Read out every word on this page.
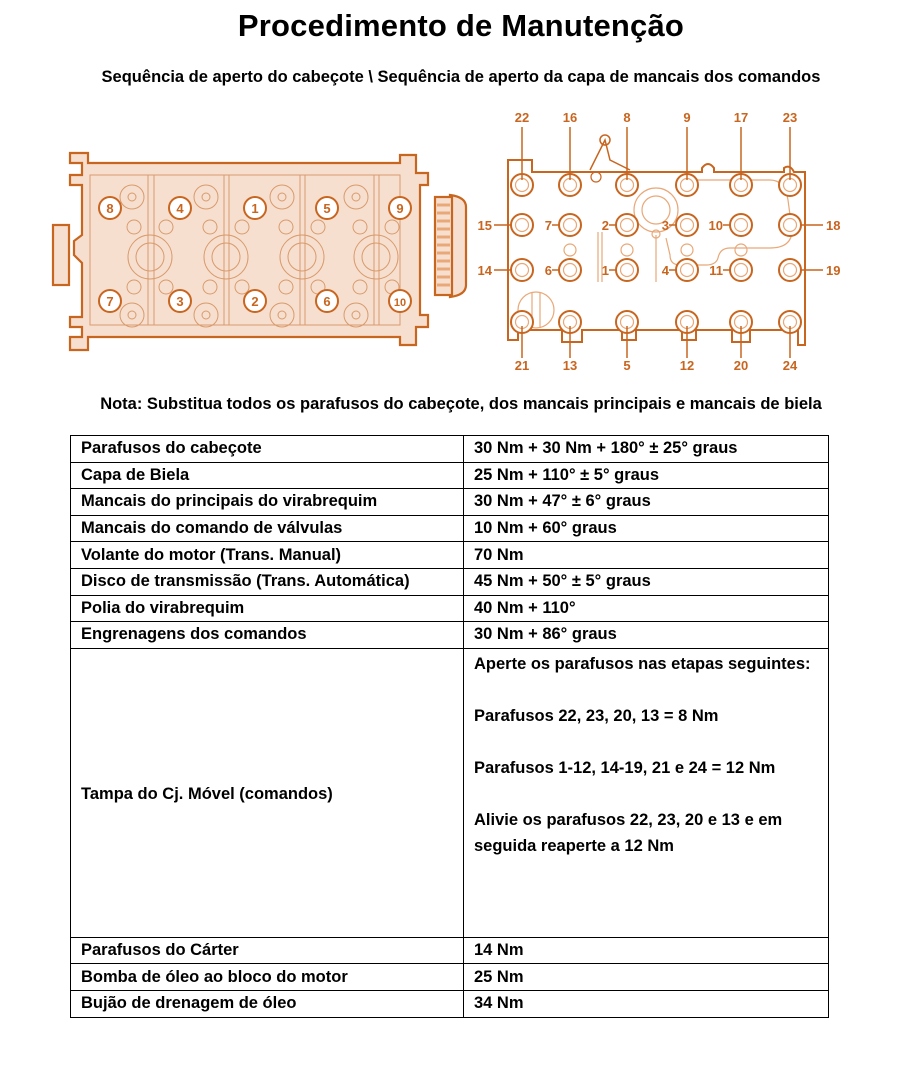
Procedimento de Manutenção
Sequência de aperto do cabeçote \ Sequência de aperto da capa de mancais dos comandos
8	4	1	5	9
7	3	2	6	10
22	16	8	9	17	23
21	13	5	12	20	24
15	7	2	3	10	18
14	6	1	4	11	19
Nota: Substitua todos os parafusos do cabeçote, dos mancais principais e mancais de biela
Parafusos do cabeçote	30 Nm + 30 Nm + 180° ± 25° graus
Capa de Biela	25 Nm + 110° ± 5° graus
Mancais do principais do virabrequim	30 Nm + 47° ± 6° graus
Mancais do comando de válvulas	10 Nm + 60° graus
Volante do motor (Trans. Manual)	70 Nm
Disco de transmissão (Trans. Automática)	45 Nm + 50° ± 5° graus
Polia do virabrequim	40 Nm + 110°
Engrenagens dos comandos	30 Nm + 86° graus
Tampa do Cj. Móvel (comandos)	Aperte os parafusos nas etapas seguintes:
Parafusos 22, 23, 20, 13 = 8 Nm
Parafusos 1-12, 14-19, 21 e 24 = 12 Nm
Alivie os parafusos 22, 23, 20 e 13 e em seguida reaperte a 12 Nm

Parafusos do Cárter	14 Nm
Bomba de óleo ao bloco do motor	25 Nm
Bujão de drenagem de óleo	34 Nm
